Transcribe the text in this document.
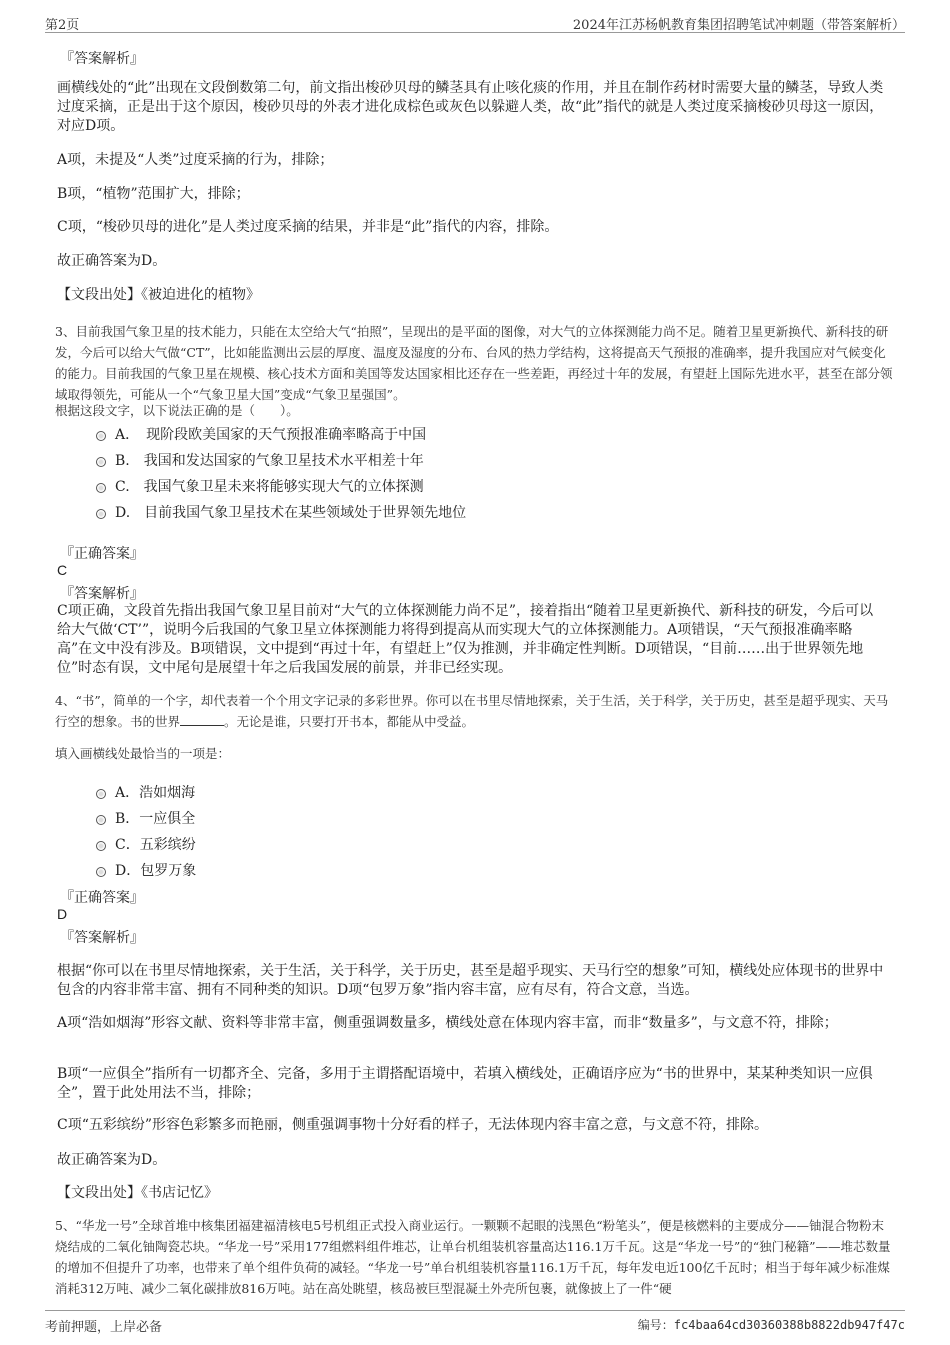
第2页	2024年江苏杨帆教育集团招聘笔试冲刺题（带答案解析）
『答案解析』
画横线处的“此”出现在文段倒数第二句，前文指出梭砂贝母的鳞茎具有止咳化痰的作用，并且在制作药材时需要大量的鳞茎，导致人类过度采摘，正是出于这个原因，梭砂贝母的外表才进化成棕色或灰色以躲避人类，故“此”指代的就是人类过度采摘梭砂贝母这一原因，对应D项。
A项，未提及“人类”过度采摘的行为，排除；
B项，“植物”范围扩大，排除；
C项，“梭砂贝母的进化”是人类过度采摘的结果，并非是“此”指代的内容，排除。
故正确答案为D。
【文段出处】《被迫进化的植物》
3、目前我国气象卫星的技术能力，只能在太空给大气“拍照”，呈现出的是平面的图像，对大气的立体探测能力尚不足。随着卫星更新换代、新科技的研发，今后可以给大气做“CT”，比如能监测出云层的厚度、温度及湿度的分布、台风的热力学结构，这将提高天气预报的准确率，提升我国应对气候变化的能力。目前我国的气象卫星在规模、核心技术方面和美国等发达国家相比还存在一些差距，再经过十年的发展，有望赶上国际先进水平，甚至在部分领域取得领先，可能从一个“气象卫星大国”变成“气象卫星强国”。
根据这段文字，以下说法正确的是（　　）。
A．　现阶段欧美国家的天气预报准确率略高于中国
B.　我国和发达国家的气象卫星技术水平相差十年
C.　我国气象卫星未来将能够实现大气的立体探测
D.　目前我国气象卫星技术在某些领域处于世界领先地位
『正确答案』
C
『答案解析』
C项正确，文段首先指出我国气象卫星目前对“大气的立体探测能力尚不足”，接着指出“随着卫星更新换代、新科技的研发，今后可以给大气做‘CT’”，说明今后我国的气象卫星立体探测能力将得到提高从而实现大气的立体探测能力。A项错误，“天气预报准确率略高”在文中没有涉及。B项错误，文中提到“再过十年，有望赶上”仅为推测，并非确定性判断。D项错误，“目前……出于世界领先地位”时态有误，文中尾句是展望十年之后我国发展的前景，并非已经实现。
4、“书”，简单的一个字，却代表着一个个用文字记录的多彩世界。你可以在书里尽情地探索，关于生活，关于科学，关于历史，甚至是超乎现实、天马行空的想象。书的世界	。无论是谁，只要打开书本，都能从中受益。
填入画横线处最恰当的一项是：
A．浩如烟海
B．一应俱全
C．五彩缤纷
D．包罗万象
『正确答案』
D
『答案解析』
根据“你可以在书里尽情地探索，关于生活，关于科学，关于历史，甚至是超乎现实、天马行空的想象”可知，横线处应体现书的世界中包含的内容非常丰富、拥有不同种类的知识。D项“包罗万象”指内容丰富，应有尽有，符合文意，当选。
A项“浩如烟海”形容文献、资料等非常丰富，侧重强调数量多，横线处意在体现内容丰富，而非“数量多”，与文意不符，排除；
B项“一应俱全”指所有一切都齐全、完备，多用于主谓搭配语境中，若填入横线处，正确语序应为“书的世界中，某某种类知识一应俱全”，置于此处用法不当，排除；
C项“五彩缤纷”形容色彩繁多而艳丽，侧重强调事物十分好看的样子，无法体现内容丰富之意，与文意不符，排除。
故正确答案为D。
【文段出处】《书店记忆》
5、“华龙一号”全球首堆中核集团福建福清核电5号机组正式投入商业运行。一颗颗不起眼的浅黑色“粉笔头”，便是核燃料的主要成分——铀混合物粉末烧结成的二氧化铀陶瓷芯块。“华龙一号”采用177组燃料组件堆芯，让单台机组装机容量高达116.1万千瓦。这是“华龙一号”的“独门秘籍”——堆芯数量的增加不但提升了功率，也带来了单个组件负荷的减轻。“华龙一号”单台机组装机容量116.1万千瓦，每年发电近100亿千瓦时；相当于每年减少标准煤消耗312万吨、减少二氧化碳排放816万吨。站在高处眺望，核岛被巨型混凝土外壳所包裹，就像披上了一件“硬
考前押题，上岸必备	编号：fc4baa64cd30360388b8822db947f47c
